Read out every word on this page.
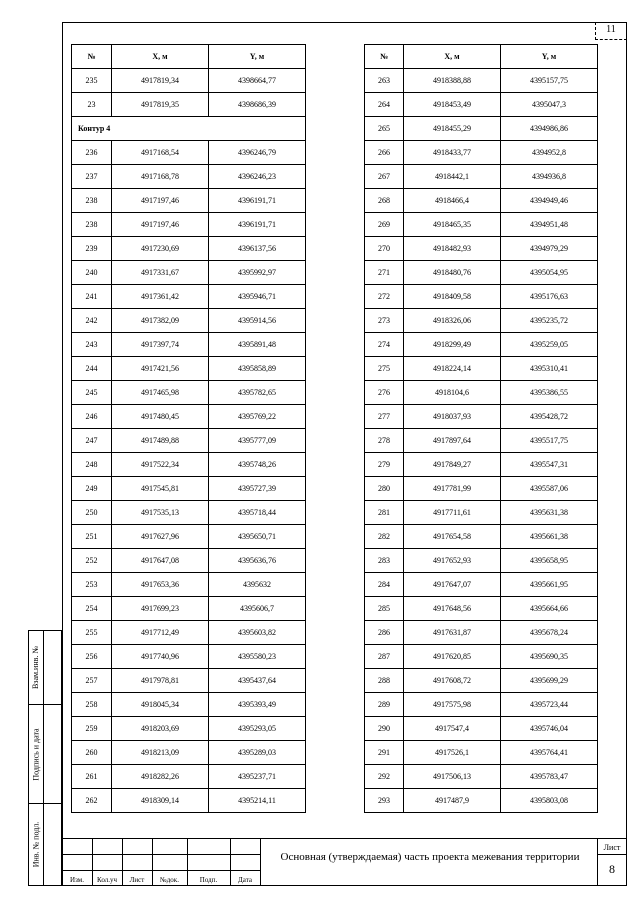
11
№	X, м	Y, м
235	4917819,34	4398664,77
23	4917819,35	4398686,39
Контур 4		
236	4917168,54	4396246,79
237	4917168,78	4396246,23
238	4917197,46	4396191,71
238	4917197,46	4396191,71
239	4917230,69	4396137,56
240	4917331,67	4395992,97
241	4917361,42	4395946,71
242	4917382,09	4395914,56
243	4917397,74	4395891,48
244	4917421,56	4395858,89
245	4917465,98	4395782,65
246	4917480,45	4395769,22
247	4917489,88	4395777,09
248	4917522,34	4395748,26
249	4917545,81	4395727,39
250	4917535,13	4395718,44
251	4917627,96	4395650,71
252	4917647,08	4395636,76
253	4917653,36	4395632
254	4917699,23	4395606,7
255	4917712,49	4395603,82
256	4917740,96	4395580,23
257	4917978,81	4395437,64
258	4918045,34	4395393,49
259	4918203,69	4395293,05
260	4918213,09	4395289,03
261	4918282,26	4395237,71
262	4918309,14	4395214,11
№	X, м	Y, м
263	4918388,88	4395157,75
264	4918453,49	4395047,3
265	4918455,29	4394986,86
266	4918433,77	4394952,8
267	4918442,1	4394936,8
268	4918466,4	4394949,46
269	4918465,35	4394951,48
270	4918482,93	4394979,29
271	4918480,76	4395054,95
272	4918409,58	4395176,63
273	4918326,06	4395235,72
274	4918299,49	4395259,05
275	4918224,14	4395310,41
276	4918104,6	4395386,55
277	4918037,93	4395428,72
278	4917897,64	4395517,75
279	4917849,27	4395547,31
280	4917781,99	4395587,06
281	4917711,61	4395631,38
282	4917654,58	4395661,38
283	4917652,93	4395658,95
284	4917647,07	4395661,95
285	4917648,56	4395664,66
286	4917631,87	4395678,24
287	4917620,85	4395690,35
288	4917608,72	4395699,29
289	4917575,98	4395723,44
290	4917547,4	4395746,04
291	4917526,1	4395764,41
292	4917506,13	4395783,47
293	4917487,9	4395803,08
Взам.инв. №
Подпись и дата
Инв. № подл.
Изм.	Кол.уч	Лист	№док.	Подп.	Дата
Основная (утверждаемая) часть проекта межевания территории
Лист
8
